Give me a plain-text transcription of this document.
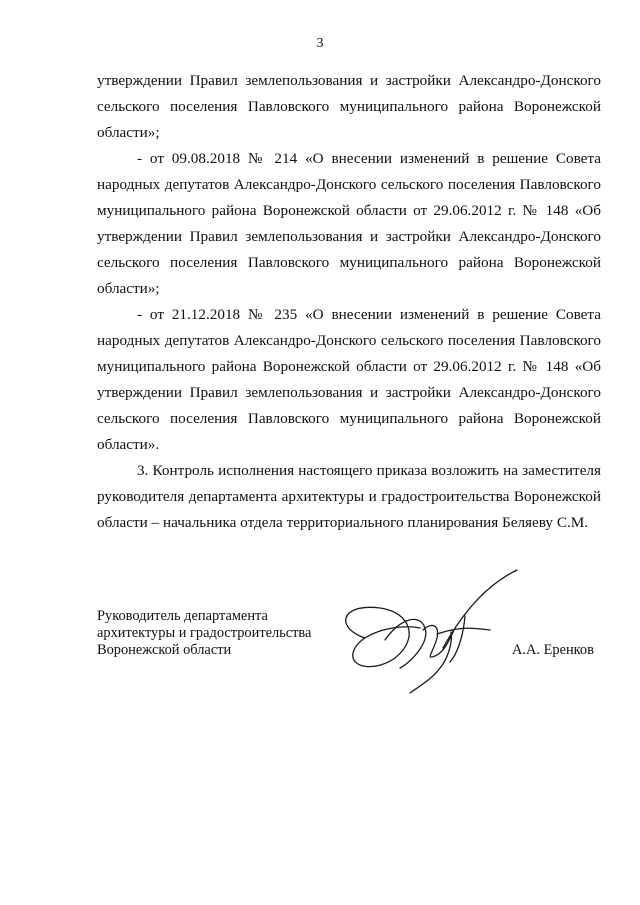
3

утверждении Правил землепользования и застройки Александро-Донского сельского поселения Павловского муниципального района Воронежской области»;

- от 09.08.2018 № 214 «О внесении изменений в решение Совета народных депутатов Александро-Донского сельского поселения Павловского муниципального района Воронежской области от 29.06.2012 г. № 148 «Об утверждении Правил землепользования и застройки Александро-Донского сельского поселения Павловского муниципального района Воронежской области»;

- от 21.12.2018 № 235 «О внесении изменений в решение Совета народных депутатов Александро-Донского сельского поселения Павловского муниципального района Воронежской области от 29.06.2012 г. № 148 «Об утверждении Правил землепользования и застройки Александро-Донского сельского поселения Павловского муниципального района Воронежской области».

3. Контроль исполнения настоящего приказа возложить на заместителя руководителя департамента архитектуры и градостроительства Воронежской области – начальника отдела территориального планирования Беляеву С.М.

Руководитель департамента
архитектуры и градостроительства
Воронежской области	А.А. Еренков
